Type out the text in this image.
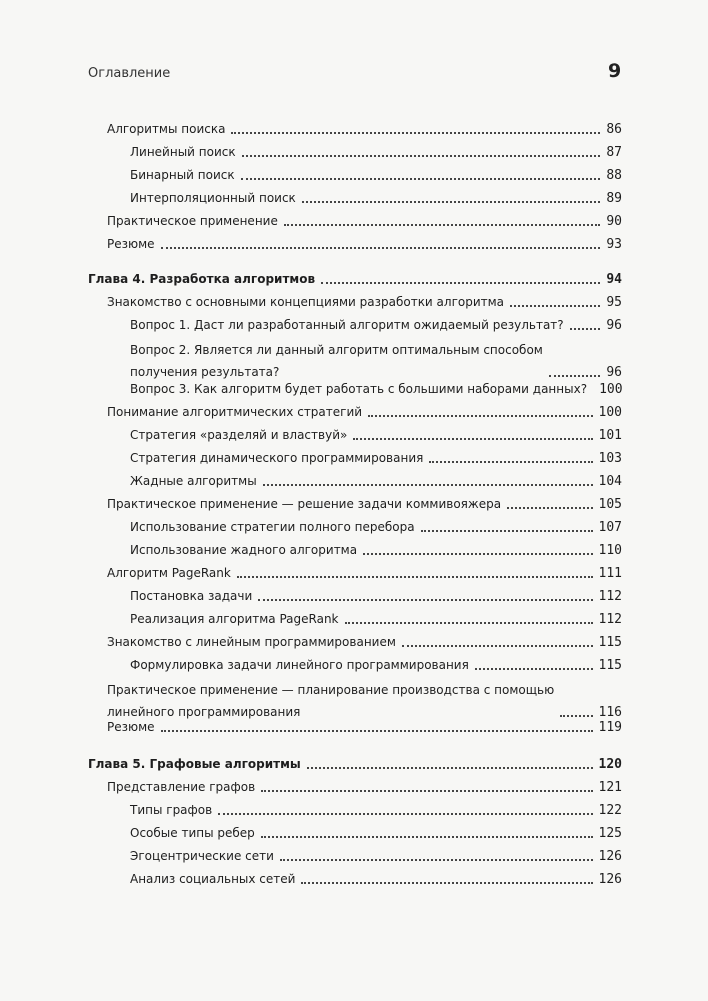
Оглавление	9
Алгоритмы поиска	86
Линейный поиск	87
Бинарный поиск	88
Интерполяционный поиск	89
Практическое применение	90
Резюме	93
Глава 4. Разработка алгоритмов	94
Знакомство с основными концепциями разработки алгоритма	95
Вопрос 1. Даст ли разработанный алгоритм ожидаемый результат?	96
Вопрос 2. Является ли данный алгоритм оптимальным способом
получения результата?	96
Вопрос 3. Как алгоритм будет работать с большими наборами данных? 100
Понимание алгоритмических стратегий	100
Стратегия «разделяй и властвуй»	101
Стратегия динамического программирования	103
Жадные алгоритмы	104
Практическое применение — решение задачи коммивояжера	105
Использование стратегии полного перебора	107
Использование жадного алгоритма	110
Алгоритм PageRank	111
Постановка задачи	112
Реализация алгоритма PageRank	112
Знакомство с линейным программированием	115
Формулировка задачи линейного программирования	115
Практическое применение — планирование производства с помощью
линейного программирования	116
Резюме	119
Глава 5. Графовые алгоритмы	120
Представление графов	121
Типы графов	122
Особые типы ребер	125
Эгоцентрические сети	126
Анализ социальных сетей	126
